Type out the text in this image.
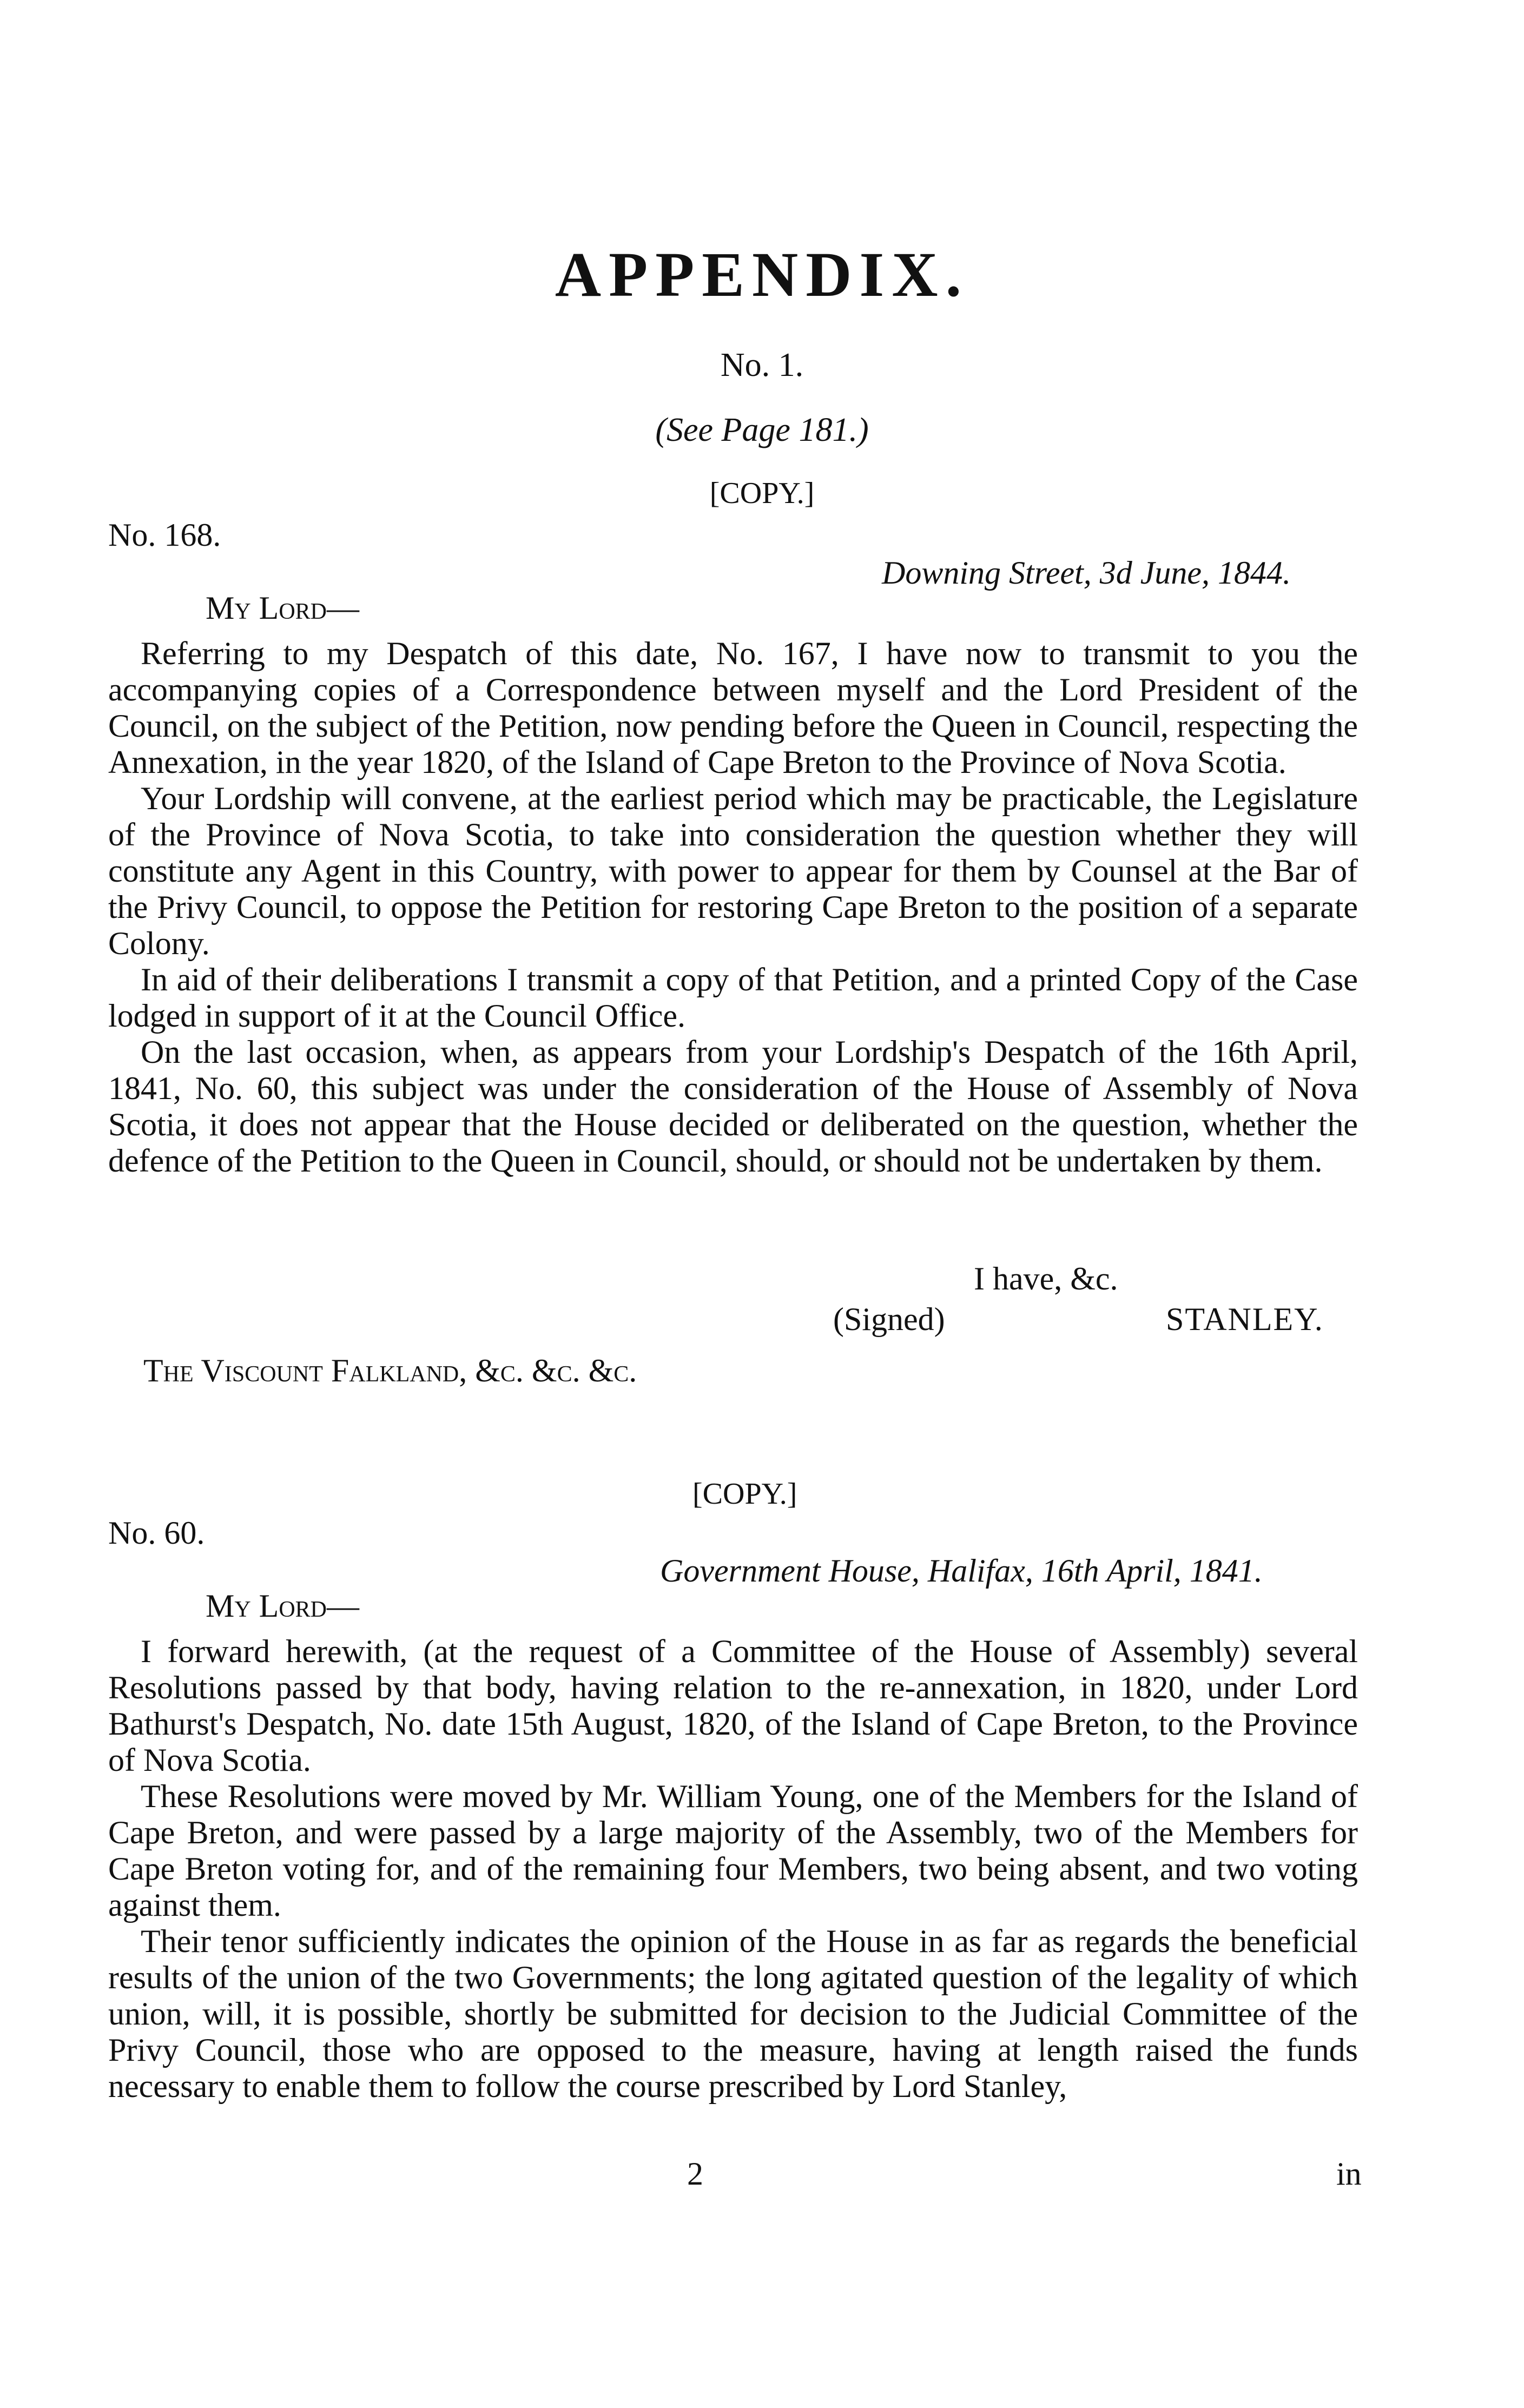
APPENDIX.
No. 1.
(See Page 181.)
[COPY.]
No. 168.
Downing Street, 3d June, 1844.
My Lord—

Referring to my Despatch of this date, No. 167, I have now to transmit to you the accompanying copies of a Correspondence between myself and the Lord President of the Council, on the subject of the Petition, now pending before the Queen in Council, respecting the Annexation, in the year 1820, of the Island of Cape Breton to the Province of Nova Scotia.

Your Lordship will convene, at the earliest period which may be practicable, the Legislature of the Province of Nova Scotia, to take into consideration the question whether they will constitute any Agent in this Country, with power to appear for them by Counsel at the Bar of the Privy Council, to oppose the Petition for restoring Cape Breton to the position of a separate Colony.

In aid of their deliberations I transmit a copy of that Petition, and a printed Copy of the Case lodged in support of it at the Council Office.

On the last occasion, when, as appears from your Lordship's Despatch of the 16th April, 1841, No. 60, this subject was under the consideration of the House of Assembly of Nova Scotia, it does not appear that the House decided or deliberated on the question, whether the defence of the Petition to the Queen in Council, should, or should not be undertaken by them.

I have, &c.
(Signed)	STANLEY.
The Viscount Falkland, &c. &c. &c.
[COPY.]
No. 60.
Government House, Halifax, 16th April, 1841.
My Lord—

I forward herewith, (at the request of a Committee of the House of Assembly) several Resolutions passed by that body, having relation to the re-annexation, in 1820, under Lord Bathurst's Despatch, No. date 15th August, 1820, of the Island of Cape Breton, to the Province of Nova Scotia.

These Resolutions were moved by Mr. William Young, one of the Members for the Island of Cape Breton, and were passed by a large majority of the Assembly, two of the Members for Cape Breton voting for, and of the remaining four Members, two being absent, and two voting against them.

Their tenor sufficiently indicates the opinion of the House in as far as regards the beneficial results of the union of the two Governments; the long agitated question of the legality of which union, will, it is possible, shortly be submitted for decision to the Judicial Committee of the Privy Council, those who are opposed to the measure, having at length raised the funds necessary to enable them to follow the course prescribed by Lord Stanley,

2	in
